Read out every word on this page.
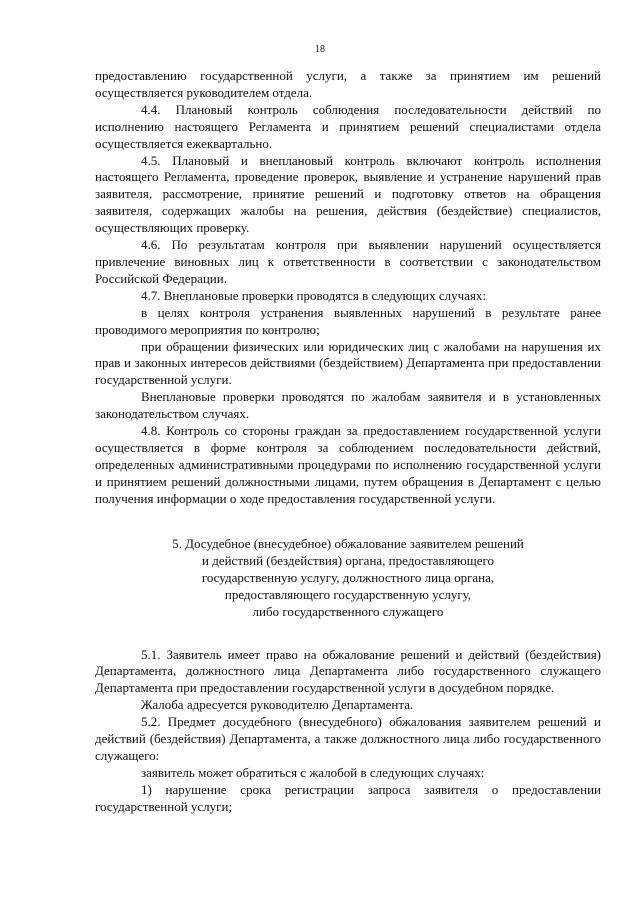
18

предоставлению государственной услуги, а также за принятием им решений осуществляется руководителем отдела.

4.4. Плановый контроль соблюдения последовательности действий по исполнению настоящего Регламента и принятием решений специалистами отдела осуществляется ежеквартально.

4.5. Плановый и внеплановый контроль включают контроль исполнения настоящего Регламента, проведение проверок, выявление и устранение нарушений прав заявителя, рассмотрение, принятие решений и подготовку ответов на обращения заявителя, содержащих жалобы на решения, действия (бездействие) специалистов, осуществляющих проверку.

4.6. По результатам контроля при выявлении нарушений осуществляется привлечение виновных лиц к ответственности в соответствии с законодательством Российской Федерации.

4.7. Внеплановые проверки проводятся в следующих случаях:

в целях контроля устранения выявленных нарушений в результате ранее проводимого мероприятия по контролю;

при обращении физических или юридических лиц с жалобами на нарушения их прав и законных интересов действиями (бездействием) Департамента при предоставлении государственной услуги.

Внеплановые проверки проводятся по жалобам заявителя и в установленных законодательством случаях.

4.8. Контроль со стороны граждан за предоставлением государственной услуги осуществляется в форме контроля за соблюдением последовательности действий, определенных административными процедурами по исполнению государственной услуги и принятием решений должностными лицами, путем обращения в Департамент с целью получения информации о ходе предоставления государственной услуги.

5. Досудебное (внесудебное) обжалование заявителем решений
и действий (бездействия) органа, предоставляющего
государственную услугу, должностного лица органа,
предоставляющего государственную услугу,
либо государственного служащего

5.1. Заявитель имеет право на обжалование решений и действий (бездействия) Департамента, должностного лица Департамента либо государственного служащего Департамента при предоставлении государственной услуги в досудебном порядке.

Жалоба адресуется руководителю Департамента.

5.2. Предмет досудебного (внесудебного) обжалования заявителем решений и действий (бездействия) Департамента, а также должностного лица либо государственного служащего:

заявитель может обратиться с жалобой в следующих случаях:

1) нарушение срока регистрации запроса заявителя о предоставлении государственной услуги;
